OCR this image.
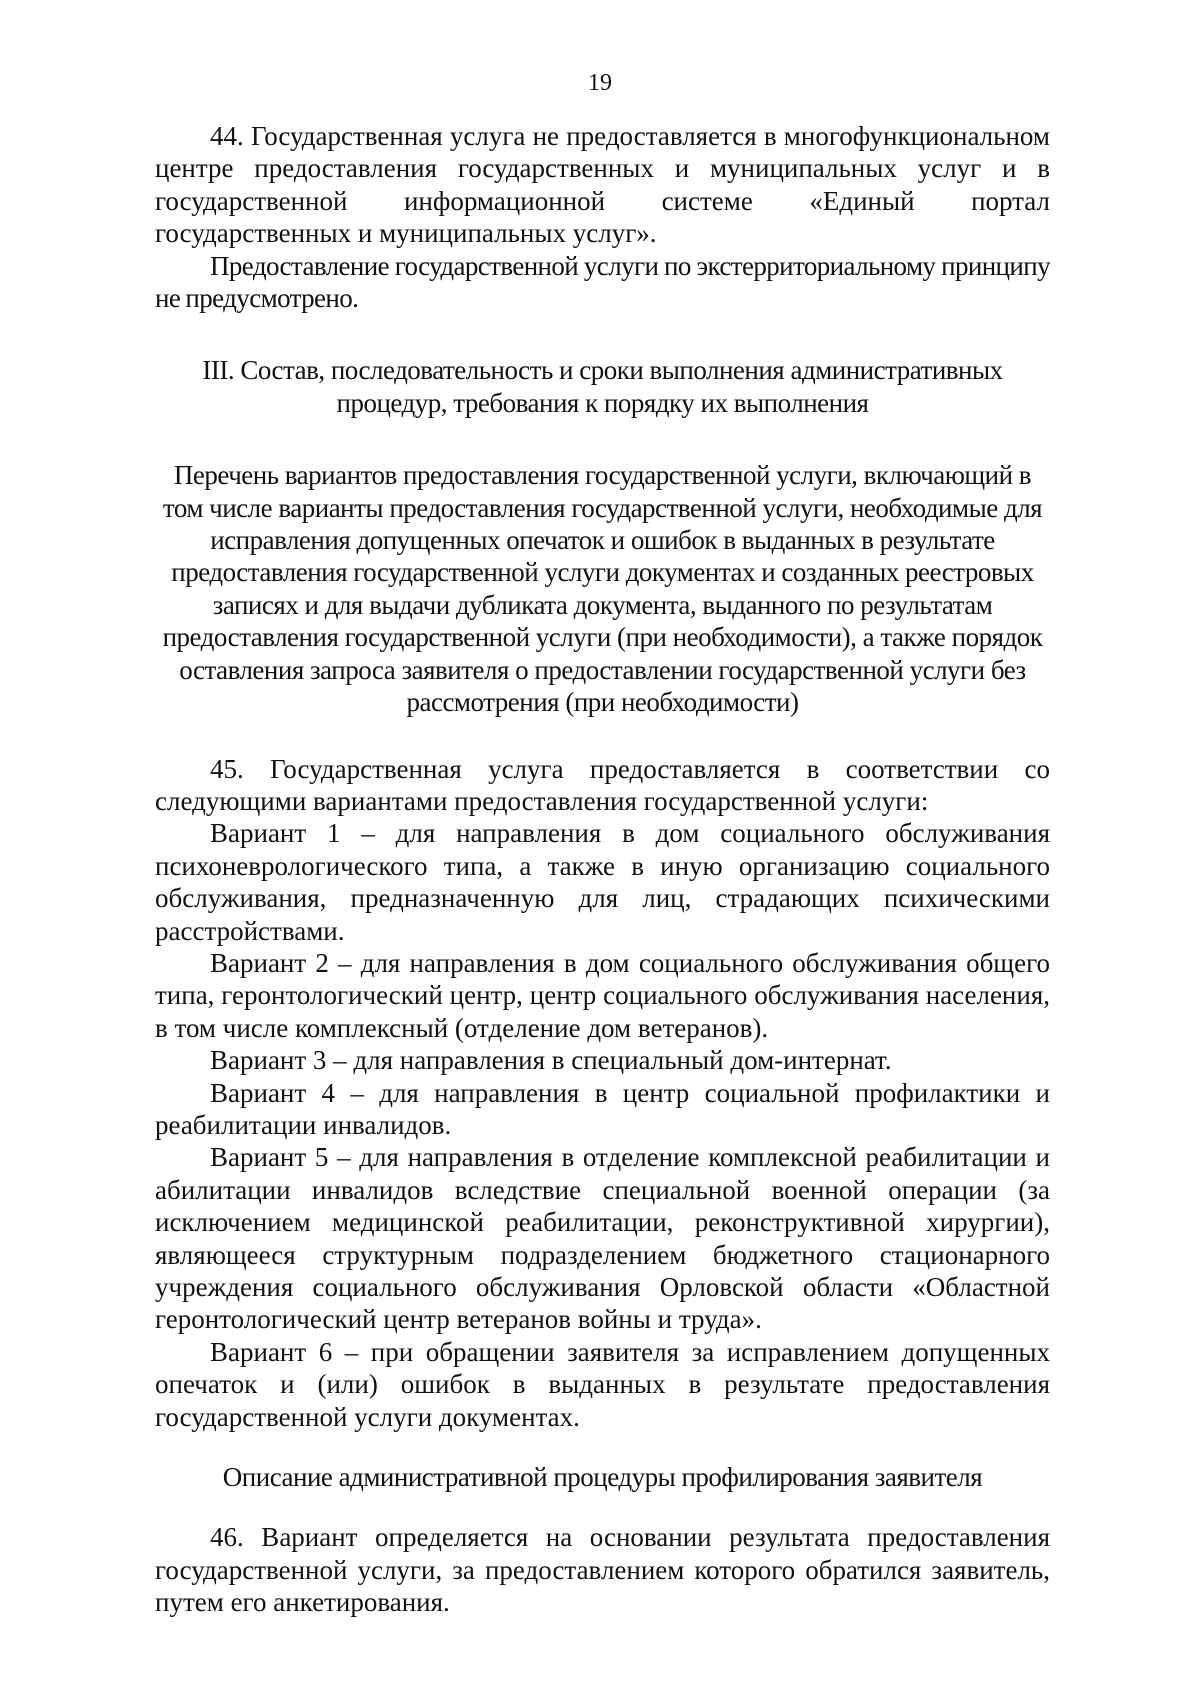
19

44. Государственная услуга не предоставляется в многофункциональном центре предоставления государственных и муниципальных услуг и в государственной информационной системе «Единый портал государственных и муниципальных услуг».

Предоставление государственной услуги по экстерриториальному принципу не предусмотрено.

III. Состав, последовательность и сроки выполнения административных процедур, требования к порядку их выполнения

Перечень вариантов предоставления государственной услуги, включающий в том числе варианты предоставления государственной услуги, необходимые для исправления допущенных опечаток и ошибок в выданных в результате предоставления государственной услуги документах и созданных реестровых записях и для выдачи дубликата документа, выданного по результатам предоставления государственной услуги (при необходимости), а также порядок оставления запроса заявителя о предоставлении государственной услуги без рассмотрения (при необходимости)

45. Государственная услуга предоставляется в соответствии со следующими вариантами предоставления государственной услуги:

Вариант 1 – для направления в дом социального обслуживания психоневрологического типа, а также в иную организацию социального обслуживания, предназначенную для лиц, страдающих психическими расстройствами.

Вариант 2 – для направления в дом социального обслуживания общего типа, геронтологический центр, центр социального обслуживания населения, в том числе комплексный (отделение дом ветеранов).

Вариант 3 – для направления в специальный дом-интернат.

Вариант 4 – для направления в центр социальной профилактики и реабилитации инвалидов.

Вариант 5 – для направления в отделение комплексной реабилитации и абилитации инвалидов вследствие специальной военной операции (за исключением медицинской реабилитации, реконструктивной хирургии), являющееся структурным подразделением бюджетного стационарного учреждения социального обслуживания Орловской области «Областной геронтологический центр ветеранов войны и труда».

Вариант 6 – при обращении заявителя за исправлением допущенных опечаток и (или) ошибок в выданных в результате предоставления государственной услуги документах.

Описание административной процедуры профилирования заявителя

46. Вариант определяется на основании результата предоставления государственной услуги, за предоставлением которого обратился заявитель, путем его анкетирования.
